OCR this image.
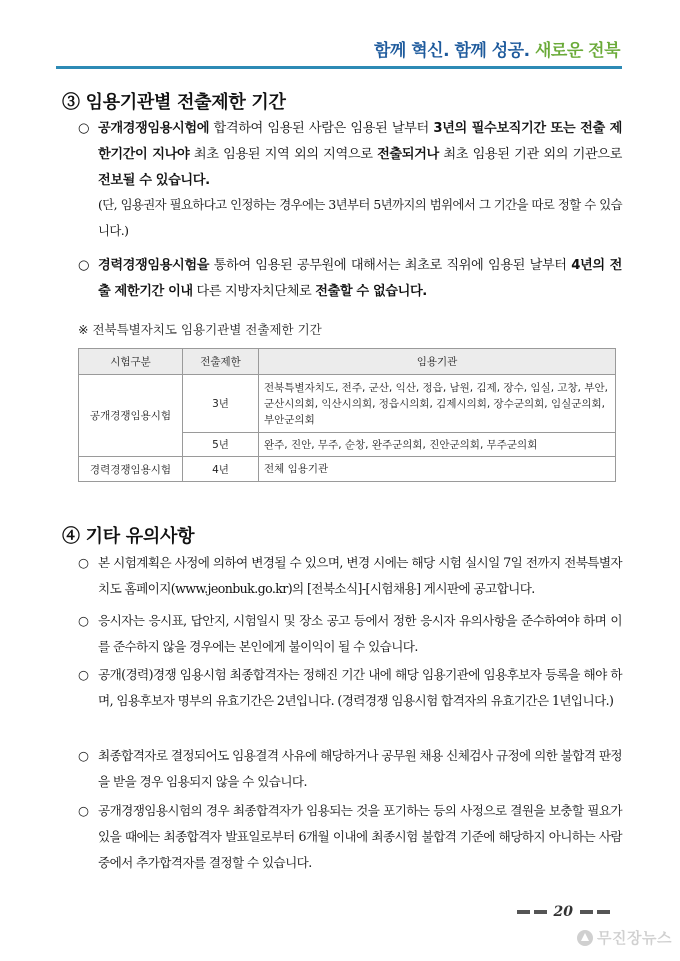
함께 혁신. 함께 성공. 새로운 전북
③ 임용기관별 전출제한 기간
○ 공개경쟁임용시험에 합격하여 임용된 사람은 임용된 날부터 3년의 필수보직기간 또는 전출 제한기간이 지나야 최초 임용된 지역 외의 지역으로 전출되거나 최초 임용된 기관 외의 기관으로 전보될 수 있습니다.
(단, 임용권자 필요하다고 인정하는 경우에는 3년부터 5년까지의 범위에서 그 기간을 따로 정할 수 있습니다.)
○ 경력경쟁임용시험을 통하여 임용된 공무원에 대해서는 최초로 직위에 임용된 날부터 4년의 전출 제한기간 이내 다른 지방자치단체로 전출할 수 없습니다.
※ 전북특별자치도 임용기관별 전출제한 기간
시험구분	전출제한	임용기관
공개경쟁임용시험	3년	전북특별자치도, 전주, 군산, 익산, 정읍, 남원, 김제, 장수, 임실, 고창, 부안, 군산시의회, 익산시의회, 정읍시의회, 김제시의회, 장수군의회, 임실군의회, 부안군의회
	5년	완주, 진안, 무주, 순창, 완주군의회, 진안군의회, 무주군의회
경력경쟁임용시험	4년	전체 임용기관
④ 기타 유의사항
○ 본 시험계획은 사정에 의하여 변경될 수 있으며, 변경 시에는 해당 시험 실시일 7일 전까지 전북특별자치도 홈페이지(www.jeonbuk.go.kr)의 [전북소식]-[시험채용] 게시판에 공고합니다.
○ 응시자는 응시표, 답안지, 시험일시 및 장소 공고 등에서 정한 응시자 유의사항을 준수하여야 하며 이를 준수하지 않을 경우에는 본인에게 불이익이 될 수 있습니다.
○ 공개(경력)경쟁 임용시험 최종합격자는 정해진 기간 내에 해당 임용기관에 임용후보자 등록을 해야 하며, 임용후보자 명부의 유효기간은 2년입니다. (경력경쟁 임용시험 합격자의 유효기간은 1년입니다.)
○ 최종합격자로 결정되어도 임용결격 사유에 해당하거나 공무원 채용 신체검사 규정에 의한 불합격 판정을 받을 경우 임용되지 않을 수 있습니다.
○ 공개경쟁임용시험의 경우 최종합격자가 임용되는 것을 포기하는 등의 사정으로 결원을 보충할 필요가 있을 때에는 최종합격자 발표일로부터 6개월 이내에 최종시험 불합격 기준에 해당하지 아니하는 사람 중에서 추가합격자를 결정할 수 있습니다.
20
무진장뉴스
